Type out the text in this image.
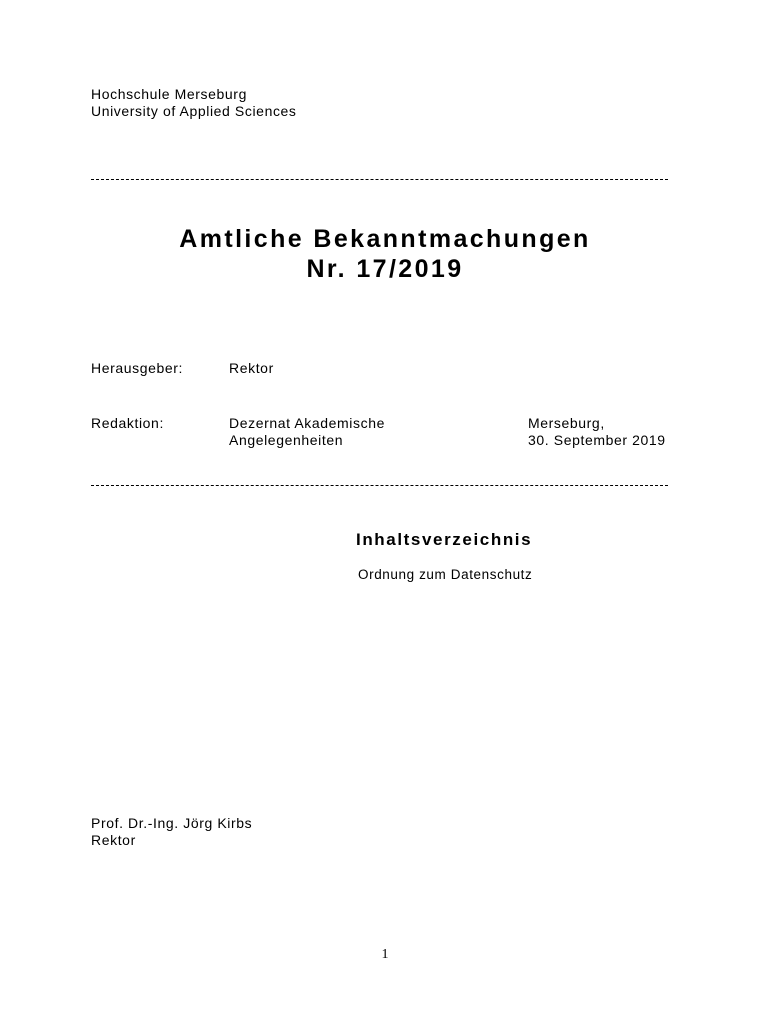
Hochschule Merseburg
University of Applied Sciences
Amtliche Bekanntmachungen
Nr. 17/2019
Herausgeber:	Rektor
Redaktion:	Dezernat Akademische
Angelegenheiten
Merseburg,
30. September 2019
Inhaltsverzeichnis
Ordnung zum Datenschutz
Prof. Dr.-Ing. Jörg Kirbs
Rektor
1
